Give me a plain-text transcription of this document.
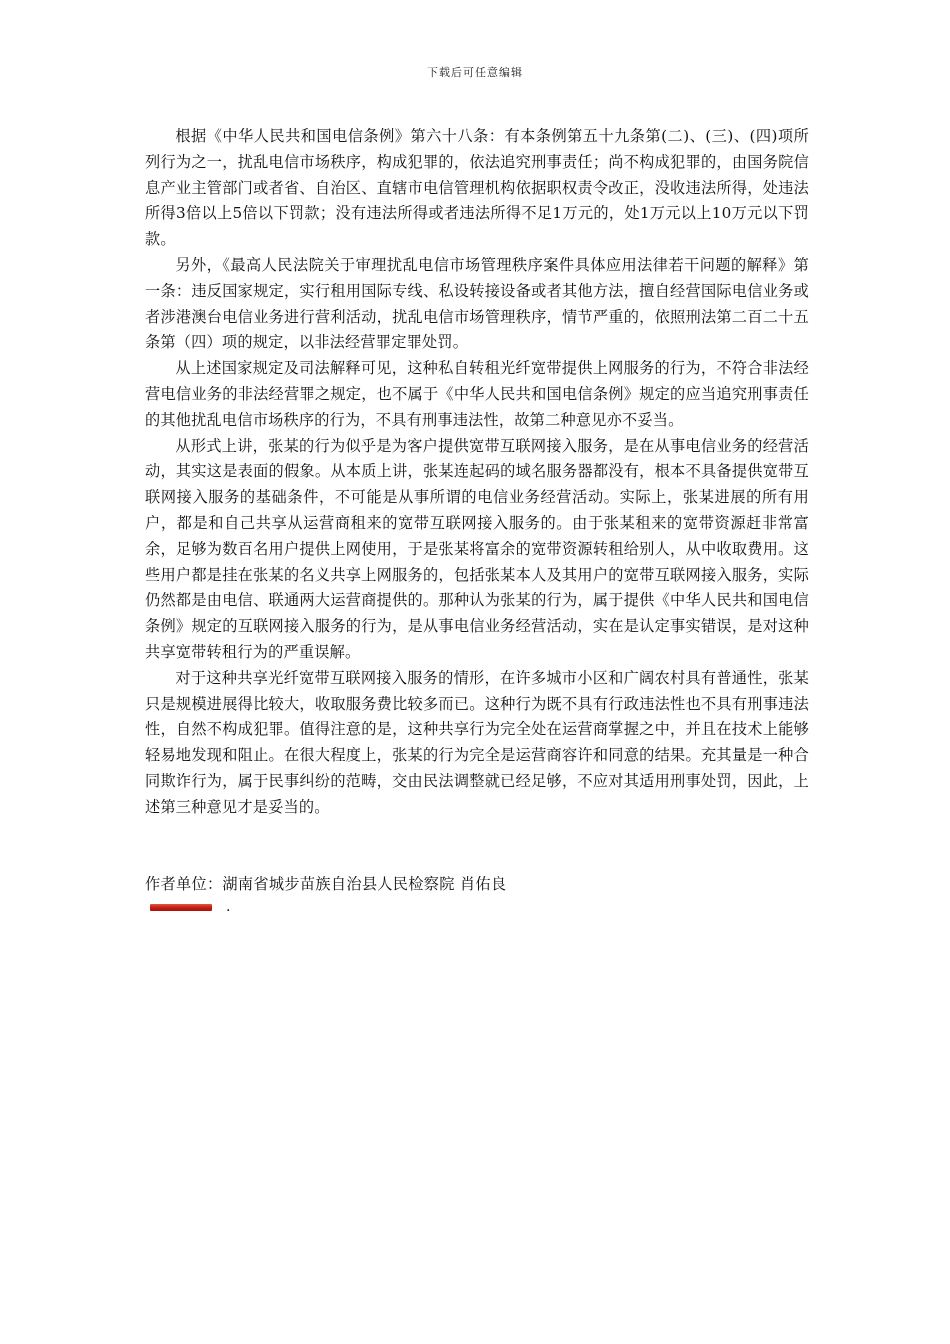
下载后可任意编辑

根据《中华人民共和国电信条例》第六十八条：有本条例第五十九条第(二)、(三)、(四)项所列行为之一，扰乱电信市场秩序，构成犯罪的，依法追究刑事责任；尚不构成犯罪的，由国务院信息产业主管部门或者省、自治区、直辖市电信管理机构依据职权责令改正，没收违法所得，处违法所得3倍以上5倍以下罚款；没有违法所得或者违法所得不足1万元的，处1万元以上10万元以下罚款。

另外，《最高人民法院关于审理扰乱电信市场管理秩序案件具体应用法律若干问题的解释》第一条：违反国家规定，实行租用国际专线、私设转接设备或者其他方法，擅自经营国际电信业务或者涉港澳台电信业务进行营利活动，扰乱电信市场管理秩序，情节严重的，依照刑法第二百二十五条第（四）项的规定，以非法经营罪定罪处罚。

从上述国家规定及司法解释可见，这种私自转租光纤宽带提供上网服务的行为，不符合非法经营电信业务的非法经营罪之规定，也不属于《中华人民共和国电信条例》规定的应当追究刑事责任的其他扰乱电信市场秩序的行为，不具有刑事违法性，故第二种意见亦不妥当。

从形式上讲，张某的行为似乎是为客户提供宽带互联网接入服务，是在从事电信业务的经营活动，其实这是表面的假象。从本质上讲，张某连起码的域名服务器都没有，根本不具备提供宽带互联网接入服务的基础条件，不可能是从事所谓的电信业务经营活动。实际上，张某进展的所有用户，都是和自己共享从运营商租来的宽带互联网接入服务的。由于张某租来的宽带资源赶非常富余，足够为数百名用户提供上网使用，于是张某将富余的宽带资源转租给别人，从中收取费用。这些用户都是挂在张某的名义共享上网服务的，包括张某本人及其用户的宽带互联网接入服务，实际仍然都是由电信、联通两大运营商提供的。那种认为张某的行为，属于提供《中华人民共和国电信条例》规定的互联网接入服务的行为，是从事电信业务经营活动，实在是认定事实错误，是对这种共享宽带转租行为的严重误解。

对于这种共享光纤宽带互联网接入服务的情形，在许多城市小区和广阔农村具有普通性，张某只是规模进展得比较大，收取服务费比较多而已。这种行为既不具有行政违法性也不具有刑事违法性，自然不构成犯罪。值得注意的是，这种共享行为完全处在运营商掌握之中，并且在技术上能够轻易地发现和阻止。在很大程度上，张某的行为完全是运营商容许和同意的结果。充其量是一种合同欺诈行为，属于民事纠纷的范畴，交由民法调整就已经足够，不应对其适用刑事处罚，因此，上述第三种意见才是妥当的。

作者单位：湖南省城步苗族自治县人民检察院 肖佑良
.
